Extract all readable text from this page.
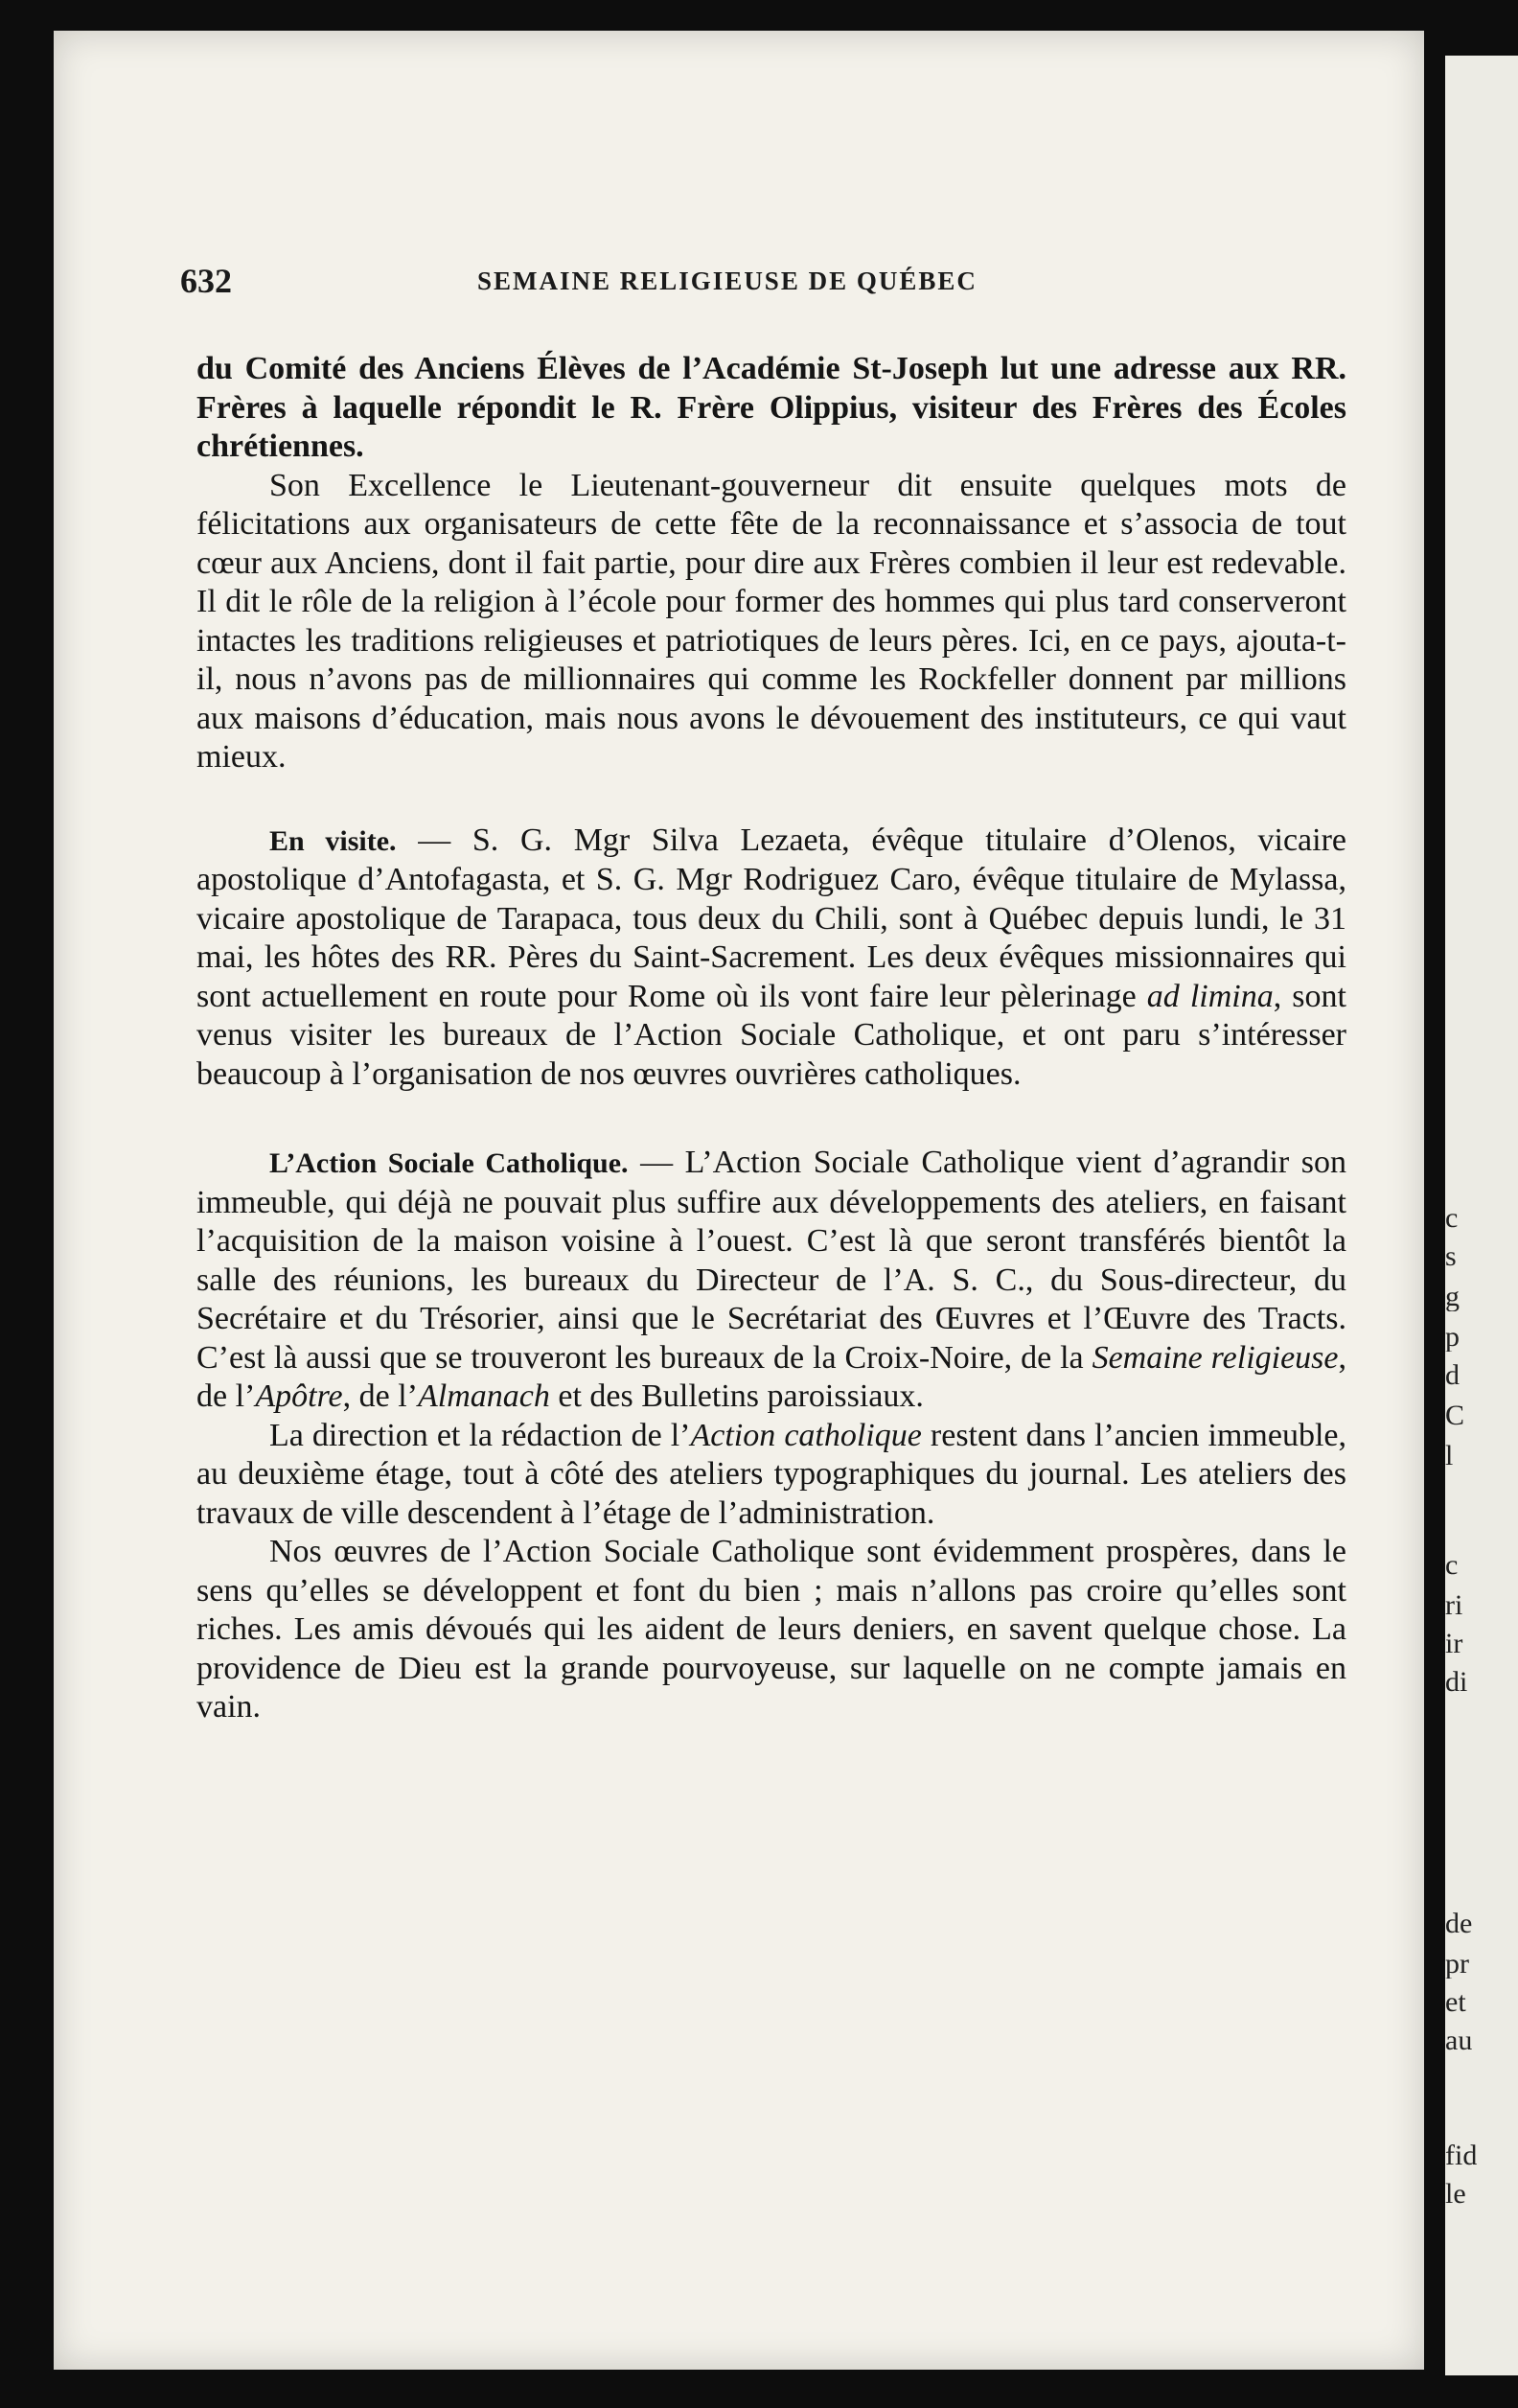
c
s
g
p
d
C
l
c
ri
ir
di
de
pr
et
au
fid
le
632	SEMAINE RELIGIEUSE DE QUÉBEC

du Comité des Anciens Élèves de l’Académie St-Joseph lut une adresse aux RR. Frères à laquelle répondit le R. Frère Olippius, visiteur des Frères des Écoles chrétiennes.

Son Excellence le Lieutenant-gouverneur dit ensuite quelques mots de félicitations aux organisateurs de cette fête de la reconnaissance et s’associa de tout cœur aux Anciens, dont il fait partie, pour dire aux Frères combien il leur est redevable. Il dit le rôle de la religion à l’école pour former des hommes qui plus tard conserveront intactes les traditions religieuses et patriotiques de leurs pères. Ici, en ce pays, ajouta-t-il, nous n’avons pas de millionnaires qui comme les Rockfeller donnent par millions aux maisons d’éducation, mais nous avons le dévouement des instituteurs, ce qui vaut mieux.

En visite. — S. G. Mgr Silva Lezaeta, évêque titulaire d’Olenos, vicaire apostolique d’Antofagasta, et S. G. Mgr Rodriguez Caro, évêque titulaire de Mylassa, vicaire apostolique de Tarapaca, tous deux du Chili, sont à Québec depuis lundi, le 31 mai, les hôtes des RR. Pères du Saint-Sacrement. Les deux évêques missionnaires qui sont actuellement en route pour Rome où ils vont faire leur pèlerinage ad limina, sont venus visiter les bureaux de l’Action Sociale Catholique, et ont paru s’intéresser beaucoup à l’organisation de nos œuvres ouvrières catholiques.

L’Action Sociale Catholique. — L’Action Sociale Catholique vient d’agrandir son immeuble, qui déjà ne pouvait plus suffire aux développements des ateliers, en faisant l’acquisition de la maison voisine à l’ouest. C’est là que seront transférés bientôt la salle des réunions, les bureaux du Directeur de l’A. S. C., du Sous-directeur, du Secrétaire et du Trésorier, ainsi que le Secrétariat des Œuvres et l’Œuvre des Tracts. C’est là aussi que se trouveront les bureaux de la Croix-Noire, de la Semaine religieuse, de l’Apôtre, de l’Almanach et des Bulletins paroissiaux.

La direction et la rédaction de l’Action catholique restent dans l’ancien immeuble, au deuxième étage, tout à côté des ateliers typographiques du journal. Les ateliers des travaux de ville descendent à l’étage de l’administration.

Nos œuvres de l’Action Sociale Catholique sont évidemment prospères, dans le sens qu’elles se développent et font du bien ; mais n’allons pas croire qu’elles sont riches. Les amis dévoués qui les aident de leurs deniers, en savent quelque chose. La providence de Dieu est la grande pourvoyeuse, sur laquelle on ne compte jamais en vain.
